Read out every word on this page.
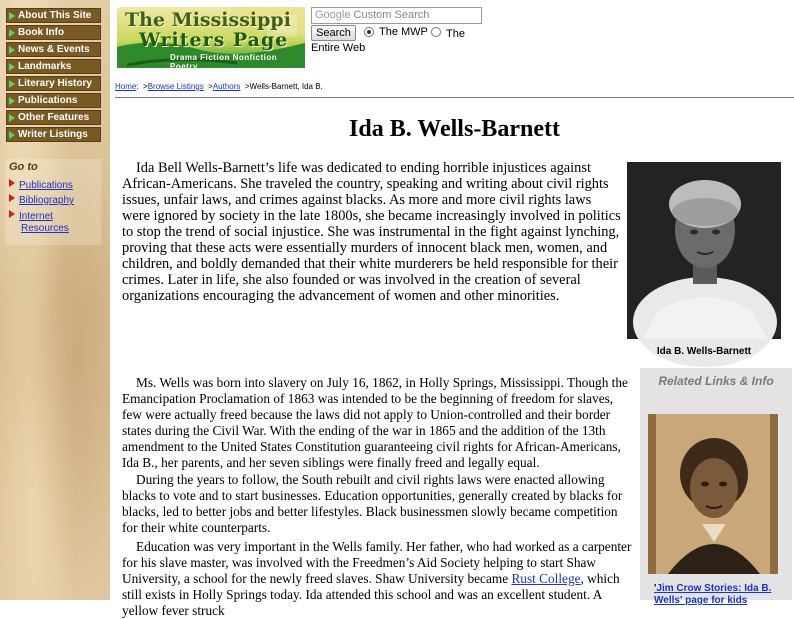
About This Site
Book Info
News & Events
Landmarks
Literary History
Publications
Other Features
Writer Listings
Go to
Publications
Bibliography
Internet Resources
The Mississippi
Writers Page
Drama Fiction Nonfiction Poetry
Google Custom Search
Search	The MWP	The Entire Web
Home:  >Browse Listings  >Authors  >Wells-Barnett, Ida B.
Ida B. Wells-Barnett

Ida Bell Wells-Barnett’s life was dedicated to ending horrible injustices against African-Americans. She traveled the country, speaking and writing about civil rights issues, unfair laws, and crimes against blacks. As more and more civil rights laws were ignored by society in the late 1800s, she became increasingly involved in politics to stop the trend of social injustice. She was instrumental in the fight against lynching, proving that these acts were essentially murders of innocent black men, women, and children, and boldly demanded that their white murderers be held responsible for their crimes. Later in life, she also founded or was involved in the creation of several organizations encouraging the advancement of women and other minorities.

Ida B. Wells-Barnett

Ms. Wells was born into slavery on July 16, 1862, in Holly Springs, Mississippi. Though the Emancipation Proclamation of 1863 was intended to be the beginning of freedom for slaves, few were actually freed because the laws did not apply to Union-controlled and their border states during the Civil War. With the ending of the war in 1865 and the addition of the 13th amendment to the United States Constitution guaranteeing civil rights for African-Americans, Ida B., her parents, and her seven siblings were finally freed and legally equal.

During the years to follow, the South rebuilt and civil rights laws were enacted allowing blacks to vote and to start businesses. Education opportunities, generally created by blacks for blacks, led to better jobs and better lifestyles. Black businessmen slowly became competition for their white counterparts.

Education was very important in the Wells family. Her father, who had worked as a carpenter for his slave master, was involved with the Freedmen’s Aid Society helping to start Shaw University, a school for the newly freed slaves. Shaw University became Rust College, which still exists in Holly Springs today. Ida attended this school and was an excellent student. A yellow fever struck

Related Links & Info
'Jim Crow Stories: Ida B. Wells' page for kids
